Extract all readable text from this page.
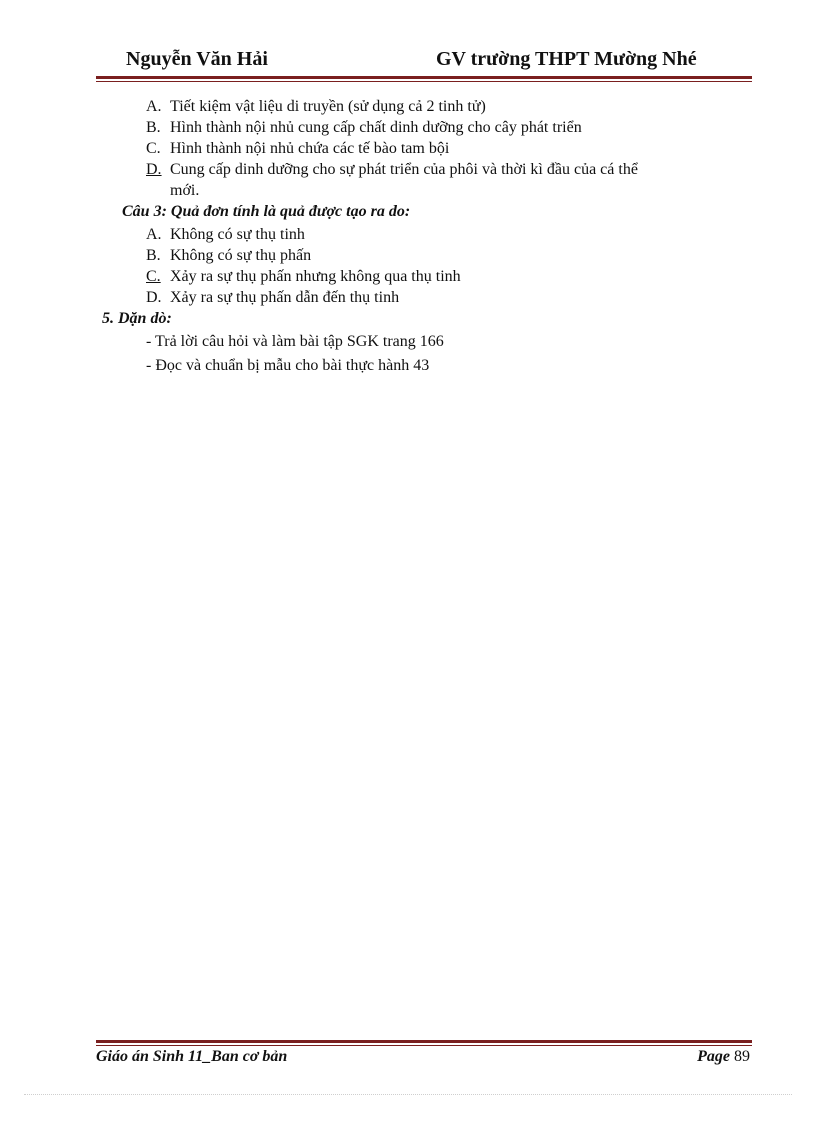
Nguyễn Văn Hải	GV trường THPT Mường Nhé
A. Tiết kiệm vật liệu di truyền (sử dụng cả 2 tinh tử)
B. Hình thành nội nhủ cung cấp chất dinh dưỡng cho cây phát triển
C. Hình thành nội nhủ chứa các tế bào tam bội
D. Cung cấp dinh dưỡng cho sự phát triển của phôi và thời kì đầu của cá thể
mới.
Câu 3: Quả đơn tính là quả được tạo ra do:
A. Không có sự thụ tinh
B. Không có sự thụ phấn
C. Xảy ra sự thụ phấn nhưng không qua thụ tinh
D. Xảy ra sự thụ phấn dẫn đến thụ tinh
5. Dặn dò:
- Trả lời câu hỏi và làm bài tập SGK trang 166
- Đọc và chuẩn bị mẫu cho bài thực hành 43
Giáo án Sinh 11_Ban cơ bản	Page 89
